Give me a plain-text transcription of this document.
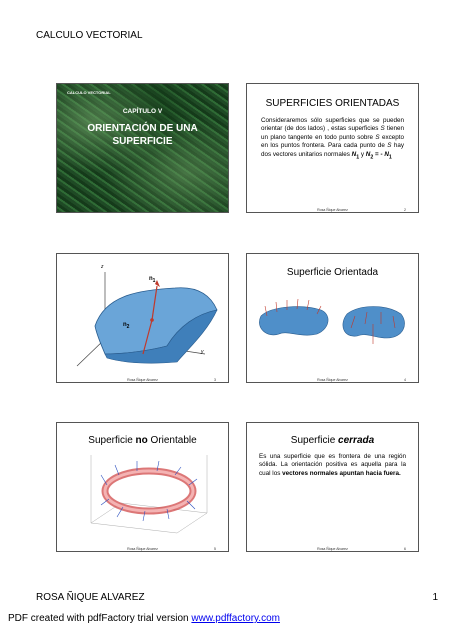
CALCULO VECTORIAL
CALCULO VECTORIAL
CAPÍTULO V
ORIENTACIÓN DE UNA
SUPERFICIE
SUPERFICIES ORIENTADAS
Consideraremos sólo superficies que se pueden orientar (de dos lados) , estas superficies S tienen un plano tangente en todo punto sobre S excepto en los puntos frontera. Para cada punto de S hay dos vectores unitarios normales $N_1$ y $N_2$ = - $N_1$
Rosa Ñique Alvarez	2
$n_1$
$n_2$
z
y
Rosa Ñique Alvarez	3
Superficie Orientada
Rosa Ñique Alvarez	4
Superficie no Orientable
Rosa Ñique Alvarez	5
Superficie cerrada
Es una superficie que es frontera de una región sólida. La orientación positiva es aquella para la cual los vectores normales apuntan hacia fuera.
Rosa Ñique Alvarez	6
ROSA ÑIQUE ALVAREZ	1
PDF created with pdfFactory trial version www.pdffactory.com
